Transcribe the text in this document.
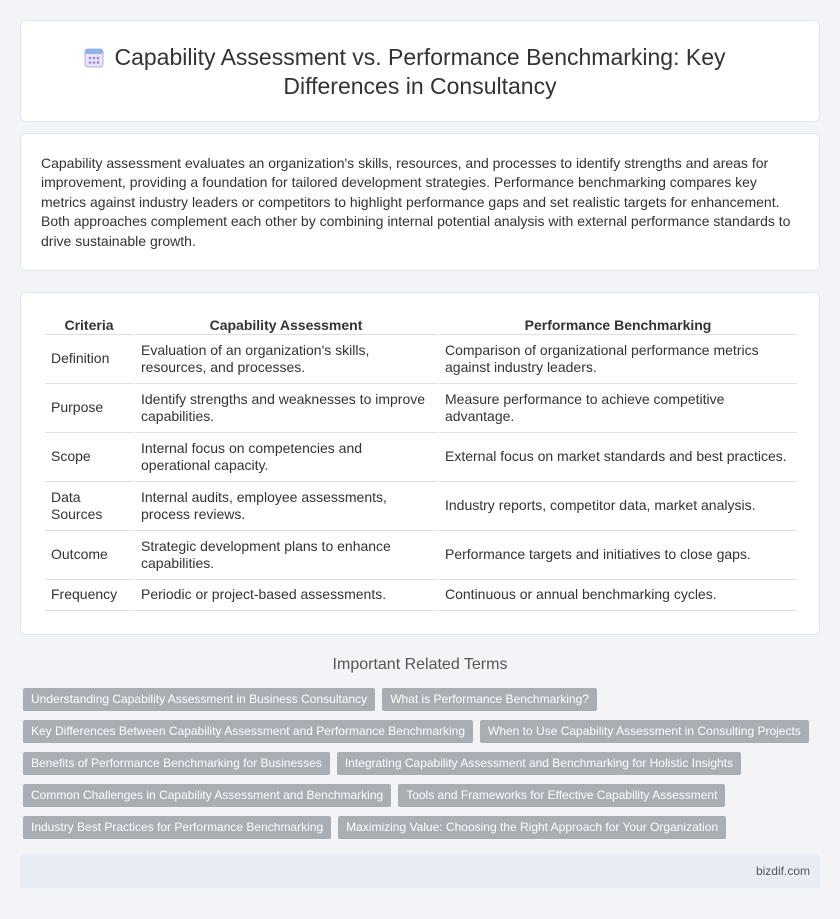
Capability Assessment vs. Performance Benchmarking: Key
Differences in Consultancy

Capability assessment evaluates an organization's skills, resources, and processes to identify strengths and areas for improvement, providing a foundation for tailored development strategies. Performance benchmarking compares key metrics against industry leaders or competitors to highlight performance gaps and set realistic targets for enhancement. Both approaches complement each other by combining internal potential analysis with external performance standards to drive sustainable growth.

Criteria	Capability Assessment	Performance Benchmarking
Definition	Evaluation of an organization's skills, resources, and processes.	Comparison of organizational performance metrics against industry leaders.
Purpose	Identify strengths and weaknesses to improve capabilities.	Measure performance to achieve competitive advantage.
Scope	Internal focus on competencies and operational capacity.	External focus on market standards and best practices.
Data Sources	Internal audits, employee assessments, process reviews.	Industry reports, competitor data, market analysis.
Outcome	Strategic development plans to enhance capabilities.	Performance targets and initiatives to close gaps.
Frequency	Periodic or project-based assessments.	Continuous or annual benchmarking cycles.
Important Related Terms
Understanding Capability Assessment in Business Consultancy	What is Performance Benchmarking?
Key Differences Between Capability Assessment and Performance Benchmarking	When to Use Capability Assessment in Consulting Projects
Benefits of Performance Benchmarking for Businesses	Integrating Capability Assessment and Benchmarking for Holistic Insights
Common Challenges in Capability Assessment and Benchmarking	Tools and Frameworks for Effective Capability Assessment
Industry Best Practices for Performance Benchmarking	Maximizing Value: Choosing the Right Approach for Your Organization
bizdif.com
